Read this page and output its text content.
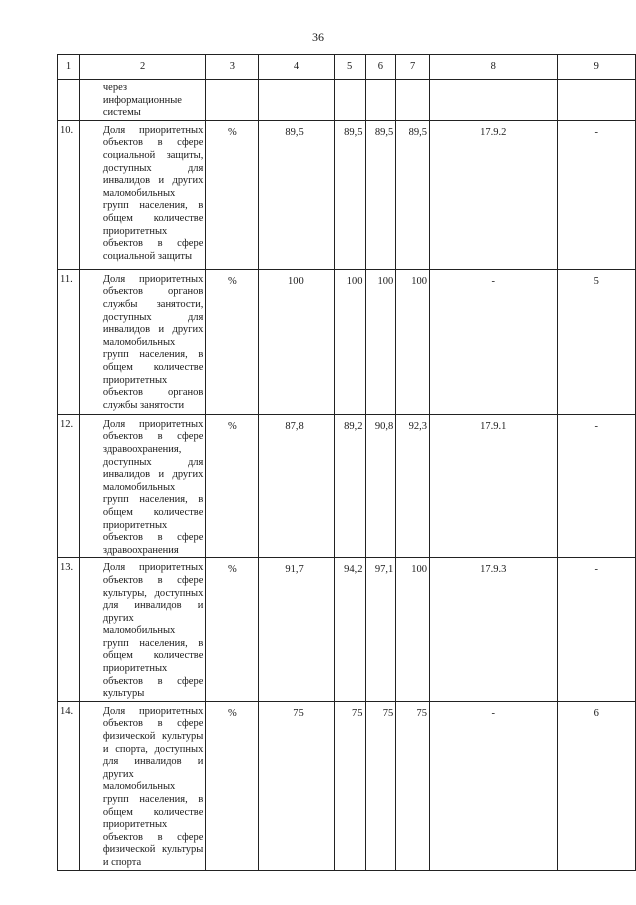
36
1	2	3	4	5	6	7	8	9
	через информационные системы							
10.	Доля приоритетных объектов в сфере социальной защиты, доступных для инвалидов и других маломобильных групп населения, в общем количестве приоритетных объектов в сфере социальной защиты	%	89,5	89,5	89,5	89,5	17.9.2	-
11.	Доля приоритетных объектов органов службы занятости, доступных для инвалидов и других маломобильных групп населения, в общем количестве приоритетных объектов органов службы занятости	%	100	100	100	100	-	5
12.	Доля приоритетных объектов в сфере здравоохранения, доступных для инвалидов и других маломобильных групп населения, в общем количестве приоритетных объектов в сфере здравоохранения	%	87,8	89,2	90,8	92,3	17.9.1	-
13.	Доля приоритетных объектов в сфере культуры, доступных для инвалидов и других маломобильных групп населения, в общем количестве приоритетных объектов в сфере культуры	%	91,7	94,2	97,1	100	17.9.3	-
14.	Доля приоритетных объектов в сфере физической культуры и спорта, доступных для инвалидов и других маломобильных групп населения, в общем количестве приоритетных объектов в сфере физической культуры и спорта	%	75	75	75	75	-	6
